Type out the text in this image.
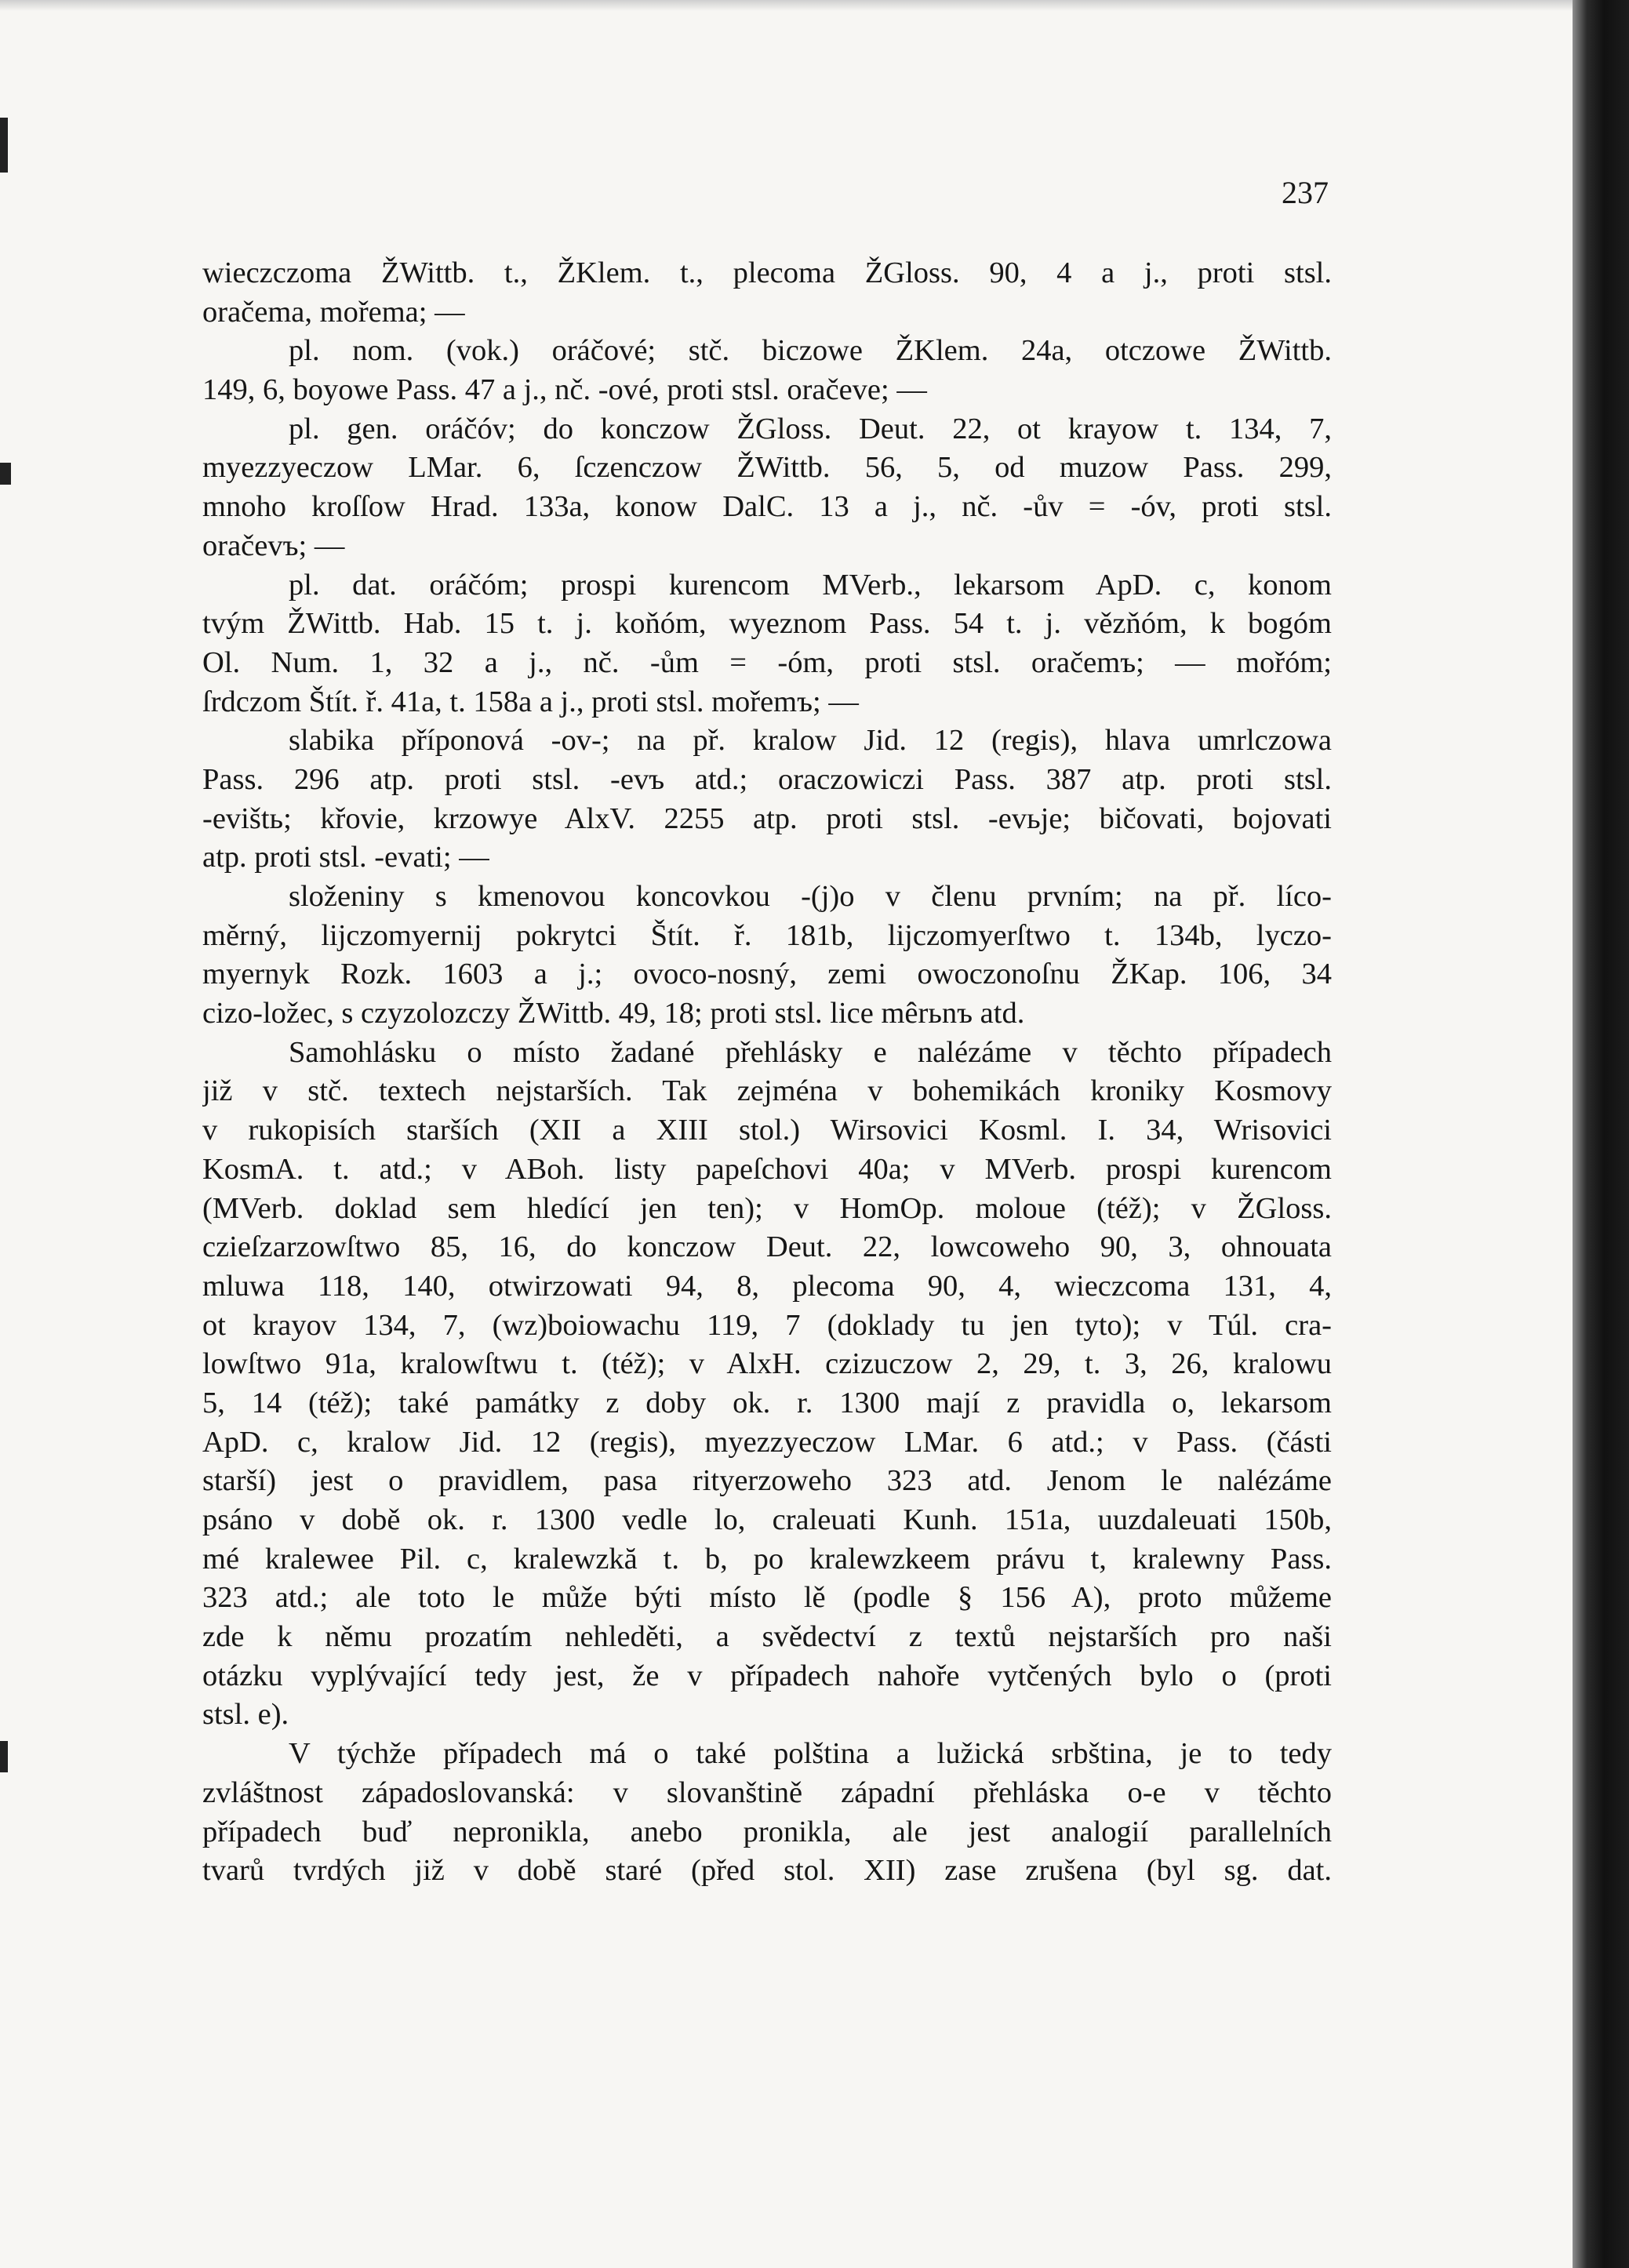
237
wieczczoma ŽWittb. t., ŽKlem. t., plecoma ŽGloss. 90, 4 a j., proti stsl.
oračema, mořema; —
pl. nom. (vok.) oráčové; stč. biczowe ŽKlem. 24a, otczowe ŽWittb.
149, 6, boyowe Pass. 47 a j., nč. -ové, proti stsl. oračeve; —
pl. gen. oráčóv; do konczow ŽGloss. Deut. 22, ot krayow t. 134, 7,
myezzyeczow LMar. 6, ſczenczow ŽWittb. 56, 5, od muzow Pass. 299,
mnoho kroſſow Hrad. 133a, konow DalC. 13 a j., nč. -ův = -óv, proti stsl.
oračevъ; —
pl. dat. oráčóm; prospi kurencom MVerb., lekarsom ApD. c, konom
tvým ŽWittb. Hab. 15 t. j. koňóm, wyeznom Pass. 54 t. j. vězňóm, k bogóm
Ol. Num. 1, 32 a j., nč. -ům = -óm, proti stsl. oračemъ; — mořóm;
ſrdczom Štít. ř. 41a, t. 158a a j., proti stsl. mořemъ; —
slabika příponová -ov-; na př. kralow Jid. 12 (regis), hlava umrlczowa
Pass. 296 atp. proti stsl. -evъ atd.; oraczowiczi Pass. 387 atp. proti stsl.
-evištь; křovie, krzowye AlxV. 2255 atp. proti stsl. -evьje; bičovati, bojovati
atp. proti stsl. -evati; —
složeniny s kmenovou koncovkou -(j)o v členu prvním; na př. líco-
měrný, lijczomyernij pokrytci Štít. ř. 181b, lijczomyerſtwo t. 134b, lyczo-
myernyk Rozk. 1603 a j.; ovoco-nosný, zemi owoczonoſnu ŽKap. 106, 34
cizo-ložec, s czyzolozczy ŽWittb. 49, 18; proti stsl. lice mêrьnъ atd.
Samohlásku o místo žadané přehlásky e nalézáme v těchto případech
již v stč. textech nejstarších. Tak zejména v bohemikách kroniky Kosmovy
v rukopisích starších (XII a XIII stol.) Wirsovici Kosml. I. 34, Wrisovici
KosmA. t. atd.; v ABoh. listy papeſchovi 40a; v MVerb. prospi kurencom
(MVerb. doklad sem hledící jen ten); v HomOp. moloue (též); v ŽGloss.
czieſzarzowſtwo 85, 16, do konczow Deut. 22, lowcoweho 90, 3, ohnouata
mluwa 118, 140, otwirzowati 94, 8, plecoma 90, 4, wieczcoma 131, 4,
ot krayov 134, 7, (wz)boiowachu 119, 7 (doklady tu jen tyto); v Túl. cra-
lowſtwo 91a, kralowſtwu t. (též); v AlxH. czizuczow 2, 29, t. 3, 26, kralowu
5, 14 (též); také památky z doby ok. r. 1300 mají z pravidla o, lekarsom
ApD. c, kralow Jid. 12 (regis), myezzyeczow LMar. 6 atd.; v Pass. (části
starší) jest o pravidlem, pasa rityerzoweho 323 atd. Jenom le nalézáme
psáno v době ok. r. 1300 vedle lo, craleuati Kunh. 151a, uuzdaleuati 150b,
mé kralewee Pil. c, kralewzkă t. b, po kralewzkeem právu t, kralewny Pass.
323 atd.; ale toto le může býti místo lě (podle § 156 A), proto můžeme
zde k němu prozatím nehleděti, a svědectví z textů nejstarších pro naši
otázku vyplývající tedy jest, že v případech nahoře vytčených bylo o (proti
stsl. e).
V týchže případech má o také polština a lužická srbština, je to tedy
zvláštnost západoslovanská: v slovanštině západní přehláska o-e v těchto
případech buď nepronikla, anebo pronikla, ale jest analogií parallelních
tvarů tvrdých již v době staré (před stol. XII) zase zrušena (byl sg. dat.
